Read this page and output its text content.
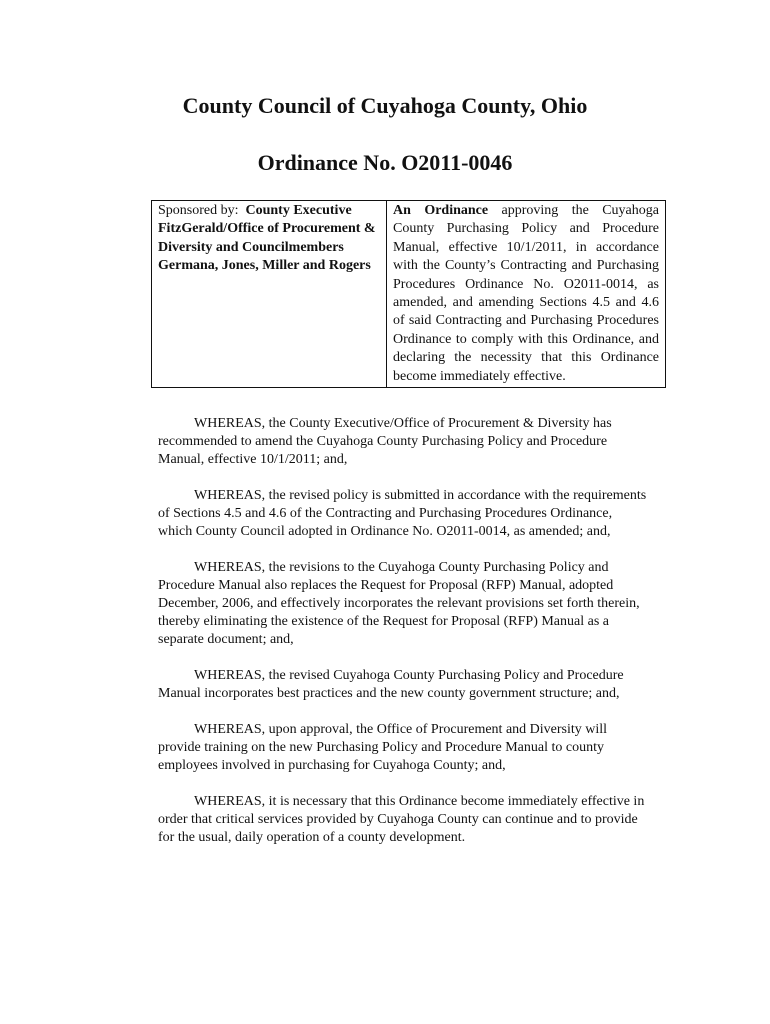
County Council of Cuyahoga County, Ohio
Ordinance No. O2011-0046
Sponsored by: County Executive FitzGerald/Office of Procurement & Diversity and Councilmembers Germana, Jones, Miller and Rogers	An Ordinance approving the Cuyahoga County Purchasing Policy and Procedure Manual, effective 10/1/2011, in accordance with the County’s Contracting and Purchasing Procedures Ordinance No. O2011-0014, as amended, and amending Sections 4.5 and 4.6 of said Contracting and Purchasing Procedures Ordinance to comply with this Ordinance, and declaring the necessity that this Ordinance become immediately effective.

WHEREAS, the County Executive/Office of Procurement & Diversity has recommended to amend the Cuyahoga County Purchasing Policy and Procedure Manual, effective 10/1/2011; and,

WHEREAS, the revised policy is submitted in accordance with the requirements of Sections 4.5 and 4.6 of the Contracting and Purchasing Procedures Ordinance, which County Council adopted in Ordinance No. O2011-0014, as amended; and,

WHEREAS, the revisions to the Cuyahoga County Purchasing Policy and Procedure Manual also replaces the Request for Proposal (RFP) Manual, adopted December, 2006, and effectively incorporates the relevant provisions set forth therein, thereby eliminating the existence of the Request for Proposal (RFP) Manual as a separate document; and,

WHEREAS, the revised Cuyahoga County Purchasing Policy and Procedure Manual incorporates best practices and the new county government structure; and,

WHEREAS, upon approval, the Office of Procurement and Diversity will provide training on the new Purchasing Policy and Procedure Manual to county employees involved in purchasing for Cuyahoga County; and,

WHEREAS, it is necessary that this Ordinance become immediately effective in order that critical services provided by Cuyahoga County can continue and to provide for the usual, daily operation of a county development.
